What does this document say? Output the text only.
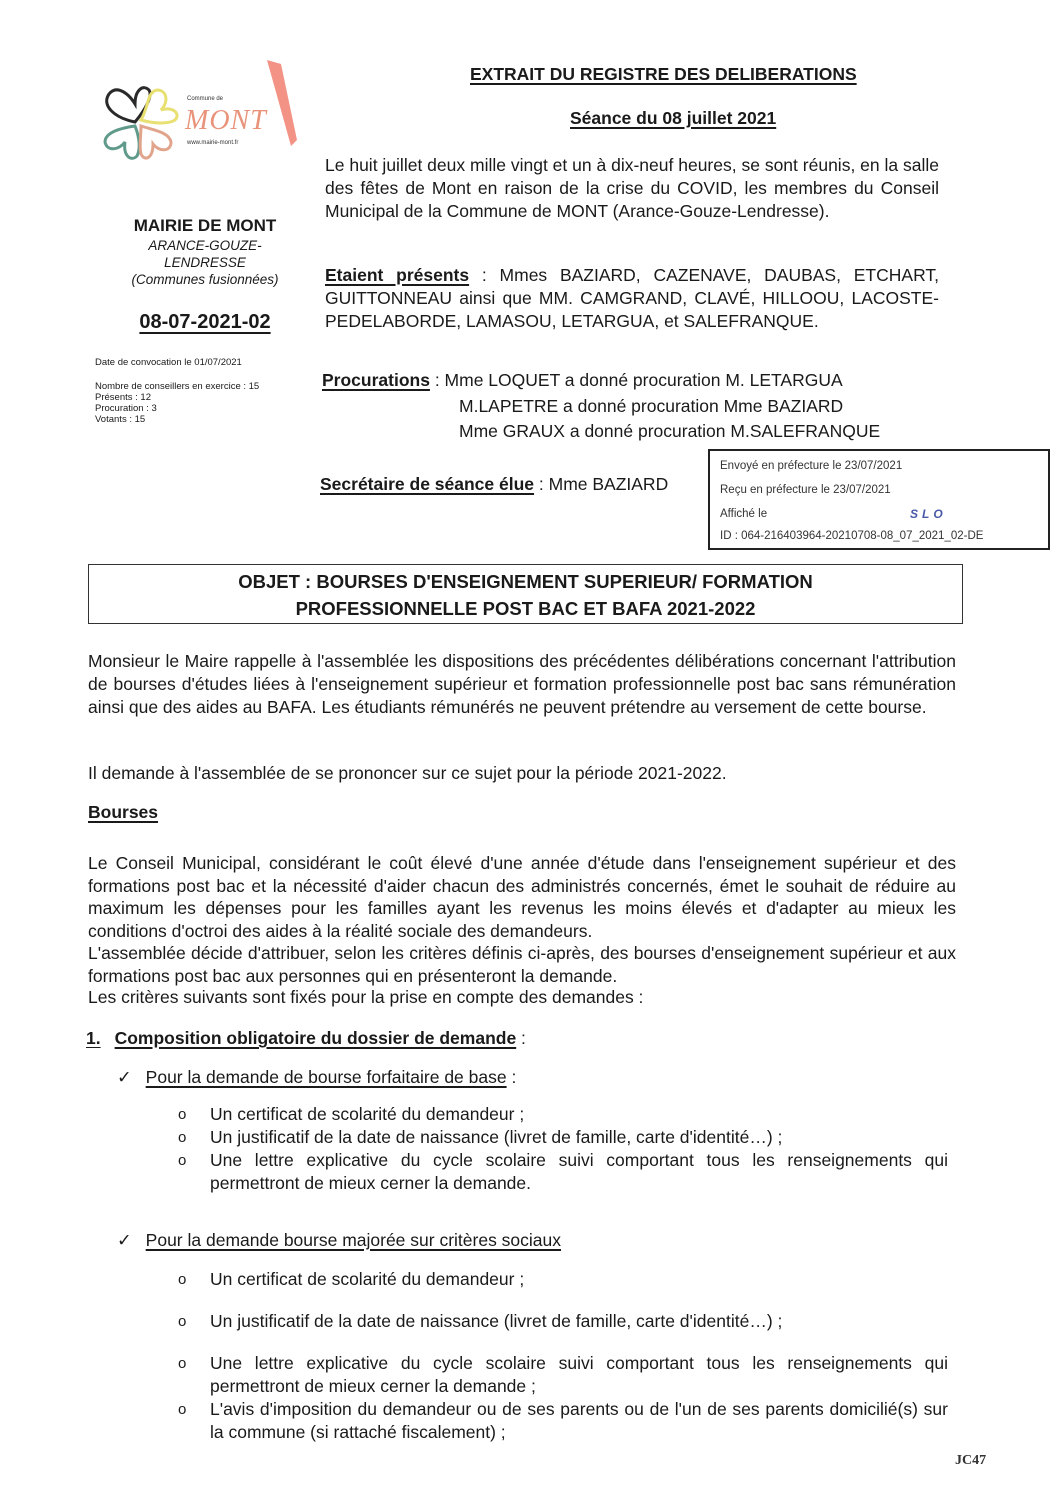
Commune de
MONT
www.mairie-mont.fr
MAIRIE DE MONT
ARANCE-GOUZE-
LENDRESSE
(Communes fusionnées)
08-07-2021-02
Date de convocation le 01/07/2021
Nombre de conseillers en exercice : 15
Présents : 12
Procuration : 3
Votants : 15
EXTRAIT DU REGISTRE DES DELIBERATIONS
Séance du 08 juillet 2021
Le huit juillet deux mille vingt et un à dix-neuf heures, se sont réunis, en la salle des fêtes de Mont en raison de la crise du COVID, les membres du Conseil Municipal de la Commune de MONT (Arance-Gouze-Lendresse).
Etaient présents : Mmes BAZIARD, CAZENAVE, DAUBAS, ETCHART, GUITTONNEAU ainsi que MM. CAMGRAND, CLAVÉ, HILLOOU, LACOSTE-PEDELABORDE, LAMASOU, LETARGUA, et SALEFRANQUE.
Procurations : Mme LOQUET a donné procuration M. LETARGUA
M.LAPETRE a donné procuration Mme BAZIARD
Mme GRAUX a donné procuration M.SALEFRANQUE
Secrétaire de séance élue : Mme BAZIARD
Envoyé en préfecture le 23/07/2021
Reçu en préfecture le 23/07/2021
Affiché le	SLO
ID : 064-216403964-20210708-08_07_2021_02-DE
OBJET : BOURSES D'ENSEIGNEMENT SUPERIEUR/ FORMATION
PROFESSIONNELLE POST BAC ET BAFA 2021-2022
Monsieur le Maire rappelle à l'assemblée les dispositions des précédentes délibérations concernant l'attribution de bourses d'études liées à l'enseignement supérieur et formation professionnelle post bac sans rémunération ainsi que des aides au BAFA. Les étudiants rémunérés ne peuvent prétendre au versement de cette bourse.
Il demande à l'assemblée de se prononcer sur ce sujet pour la période 2021-2022.
Bourses
Le Conseil Municipal, considérant le coût élevé d'une année d'étude dans l'enseignement supérieur et des formations post bac et la nécessité d'aider chacun des administrés concernés, émet le souhait de réduire au maximum les dépenses pour les familles ayant les revenus les moins élevés et d'adapter au mieux les conditions d'octroi des aides à la réalité sociale des demandeurs.
L'assemblée décide d'attribuer, selon les critères définis ci-après, des bourses d'enseignement supérieur et aux formations post bac aux personnes qui en présenteront la demande.
Les critères suivants sont fixés pour la prise en compte des demandes :
1. Composition obligatoire du dossier de demande :
✓ Pour la demande de bourse forfaitaire de base :
o Un certificat de scolarité du demandeur ;
o Un justificatif de la date de naissance (livret de famille, carte d'identité…) ;
o Une lettre explicative du cycle scolaire suivi comportant tous les renseignements qui permettront de mieux cerner la demande.
✓ Pour la demande bourse majorée sur critères sociaux
o Un certificat de scolarité du demandeur ;
o Un justificatif de la date de naissance (livret de famille, carte d'identité…) ;
o Une lettre explicative du cycle scolaire suivi comportant tous les renseignements qui permettront de mieux cerner la demande ;
o L'avis d'imposition du demandeur ou de ses parents ou de l'un de ses parents domicilié(s) sur la commune (si rattaché fiscalement) ;
JC47
